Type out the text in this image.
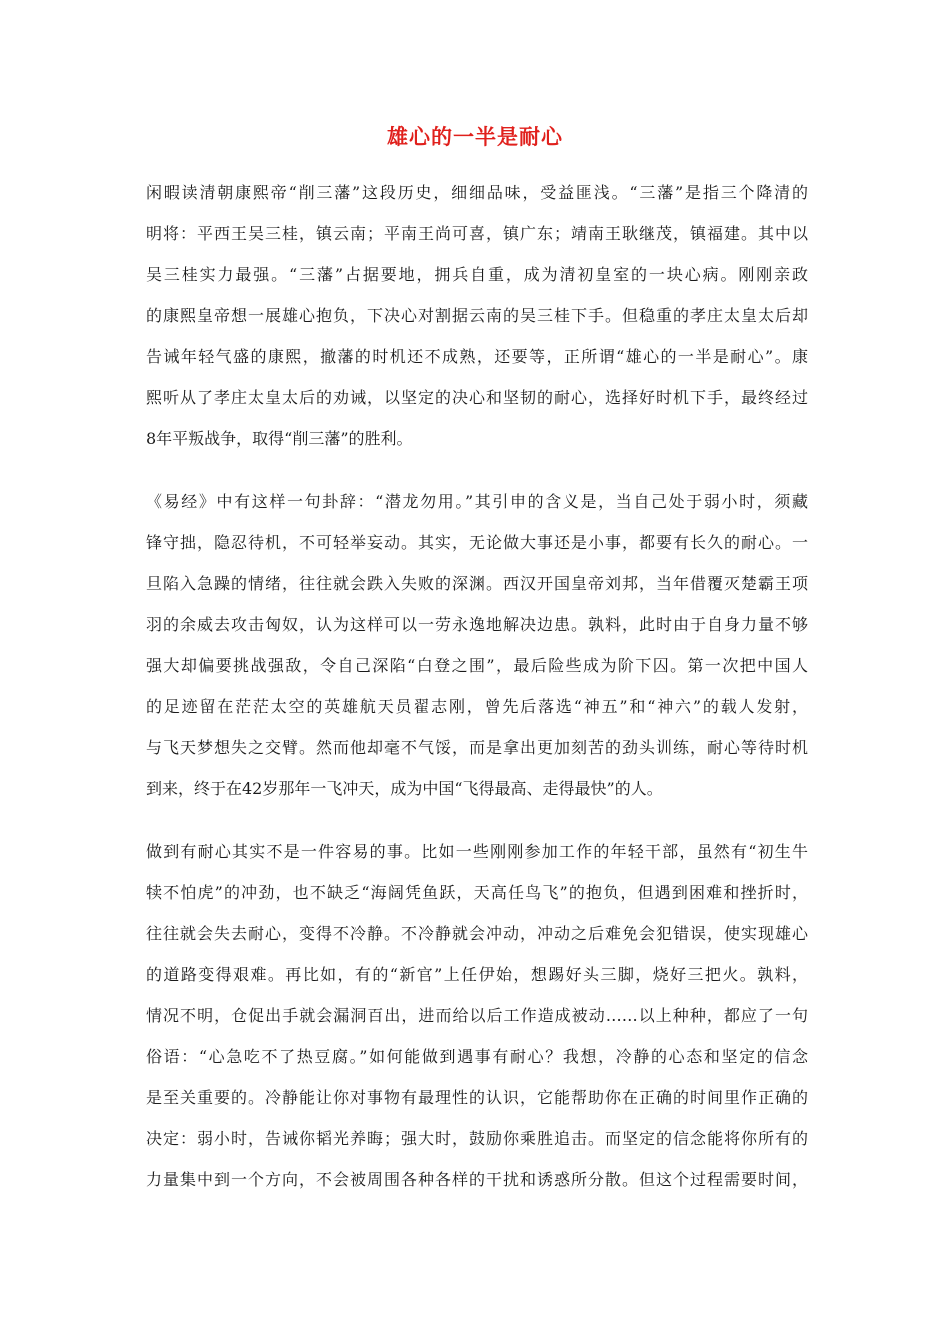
雄心的一半是耐心
闲暇读清朝康熙帝“削三藩”这段历史，细细品味，受益匪浅。“三藩”是指三个降清的
明将：平西王吴三桂，镇云南；平南王尚可喜，镇广东；靖南王耿继茂，镇福建。其中以
吴三桂实力最强。“三藩”占据要地，拥兵自重，成为清初皇室的一块心病。刚刚亲政
的康熙皇帝想一展雄心抱负，下决心对割据云南的吴三桂下手。但稳重的孝庄太皇太后却
告诫年轻气盛的康熙，撤藩的时机还不成熟，还要等，正所谓“雄心的一半是耐心”。康
熙听从了孝庄太皇太后的劝诫，以坚定的决心和坚韧的耐心，选择好时机下手，最终经过
8年平叛战争，取得“削三藩”的胜利。
《易经》中有这样一句卦辞：“潜龙勿用。”其引申的含义是，当自己处于弱小时，须藏
锋守拙，隐忍待机，不可轻举妄动。其实，无论做大事还是小事，都要有长久的耐心。一
旦陷入急躁的情绪，往往就会跌入失败的深渊。西汉开国皇帝刘邦，当年借覆灭楚霸王项
羽的余威去攻击匈奴，认为这样可以一劳永逸地解决边患。孰料，此时由于自身力量不够
强大却偏要挑战强敌，令自己深陷“白登之围”，最后险些成为阶下囚。第一次把中国人
的足迹留在茫茫太空的英雄航天员翟志刚，曾先后落选“神五”和“神六”的载人发射，
与飞天梦想失之交臂。然而他却毫不气馁，而是拿出更加刻苦的劲头训练，耐心等待时机
到来，终于在42岁那年一飞冲天，成为中国“飞得最高、走得最快”的人。
做到有耐心其实不是一件容易的事。比如一些刚刚参加工作的年轻干部，虽然有“初生牛
犊不怕虎”的冲劲，也不缺乏“海阔凭鱼跃，天高任鸟飞”的抱负，但遇到困难和挫折时，
往往就会失去耐心，变得不冷静。不冷静就会冲动，冲动之后难免会犯错误，使实现雄心
的道路变得艰难。再比如，有的“新官”上任伊始，想踢好头三脚，烧好三把火。孰料，
情况不明，仓促出手就会漏洞百出，进而给以后工作造成被动……以上种种，都应了一句
俗语：“心急吃不了热豆腐。”如何能做到遇事有耐心？我想，冷静的心态和坚定的信念
是至关重要的。冷静能让你对事物有最理性的认识，它能帮助你在正确的时间里作正确的
决定：弱小时，告诫你韬光养晦；强大时，鼓励你乘胜追击。而坚定的信念能将你所有的
力量集中到一个方向，不会被周围各种各样的干扰和诱惑所分散。但这个过程需要时间，
